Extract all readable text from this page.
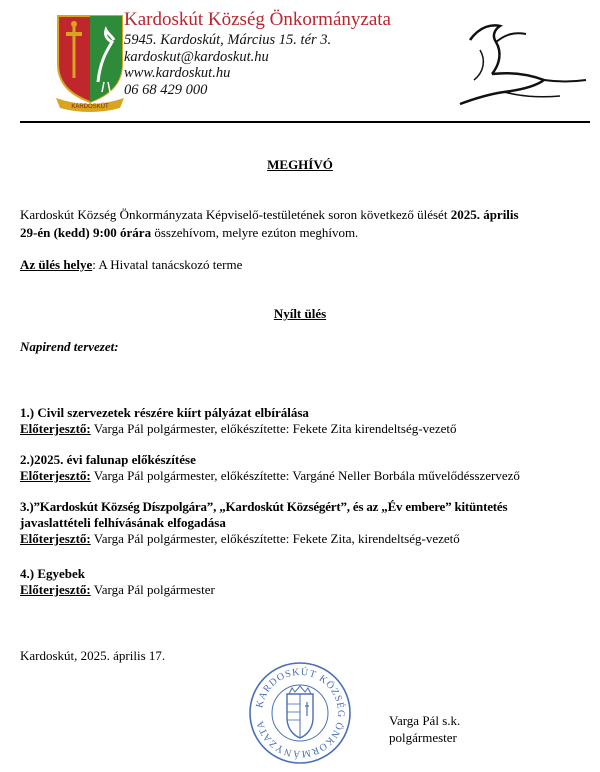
KARDOSKÚT
Kardoskút Község Önkormányzata
5945. Kardoskút, Március 15. tér 3.
kardoskut@kardoskut.hu
www.kardoskut.hu
06 68 429 000
MEGHÍVÓ
Kardoskút Község Önkormányzata Képviselő-testületének soron következő ülését 2025. április
29-én (kedd) 9:00 órára összehívom, melyre ezúton meghívom.
Az ülés helye: A Hivatal tanácskozó terme
Nyílt ülés
Napirend tervezet:
1.) Civil szervezetek részére kiírt pályázat elbírálása
Előterjesztő: Varga Pál polgármester, előkészítette: Fekete Zita kirendeltség-vezető
2.)2025. évi falunap előkészítése
Előterjesztő: Varga Pál polgármester, előkészítette: Vargáné Neller Borbála művelődésszervező
3.)”Kardoskút Község Díszpolgára”, „Kardoskút Községért”, és az „Év embere” kitüntetés
javaslattételi felhívásának elfogadása
Előterjesztő: Varga Pál polgármester, előkészítette: Fekete Zita, kirendeltség-vezető
4.) Egyebek
Előterjesztő: Varga Pál polgármester
Kardoskút, 2025. április 17.
KARDOSKÚT KÖZSÉG ÖNKORMÁNYZATA	Varga Pál s.k.
polgármester
